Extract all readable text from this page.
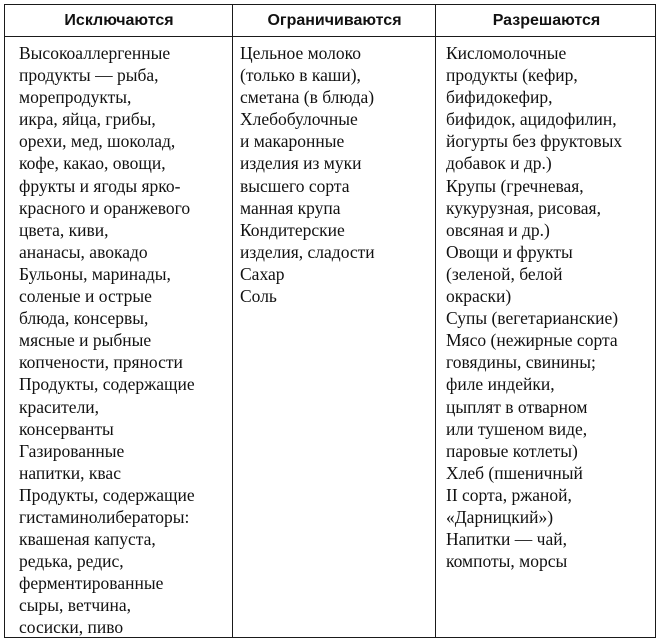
Исключаются	Ограничиваются	Разрешаются
Высокоаллергенные
продукты — рыба,
морепродукты,
икра, яйца, грибы,
орехи, мед, шоколад,
кофе, какао, овощи,
фрукты и ягоды ярко-
красного и оранжевого
цвета, киви,
ананасы, авокадо
Бульоны, маринады,
соленые и острые
блюда, консервы,
мясные и рыбные
копчености, пряности
Продукты, содержащие
красители,
консерванты
Газированные
напитки, квас
Продукты, содержащие
гистаминолибераторы:
квашеная капуста,
редька, редис,
ферментированные
сыры, ветчина,
сосиски, пиво
Цельное молоко
(только в каши),
сметана (в блюда)
Хлебобулочные
и макаронные
изделия из муки
высшего сорта
манная крупа
Кондитерские
изделия, сладости
Сахар
Соль
Кисломолочные
продукты (кефир,
бифидокефир,
бифидок, ацидофилин,
йогурты без фруктовых
добавок и др.)
Крупы (гречневая,
кукурузная, рисовая,
овсяная и др.)
Овощи и фрукты
(зеленой, белой
окраски)
Супы (вегетарианские)
Мясо (нежирные сорта
говядины, свинины;
филе индейки,
цыплят в отварном
или тушеном виде,
паровые котлеты)
Хлеб (пшеничный
II сорта, ржаной,
«Дарницкий»)
Напитки — чай,
компоты, морсы
